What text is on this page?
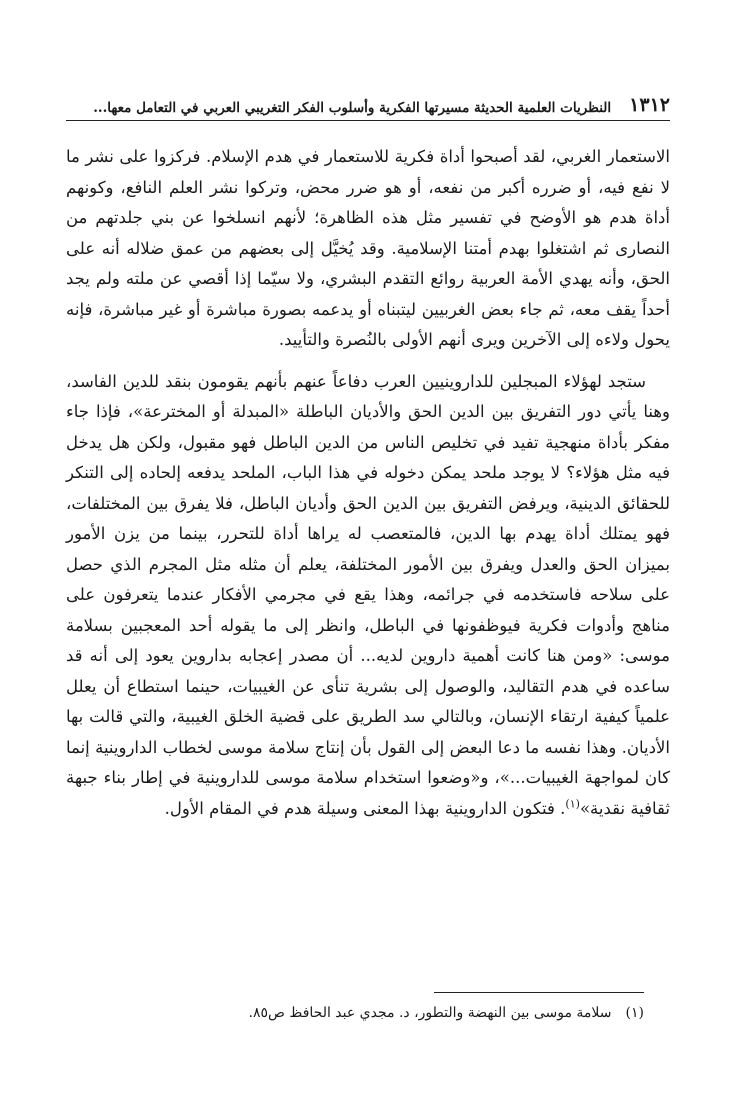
١٣١٢
النظريات العلمية الحديثة مسيرتها الفكرية وأسلوب الفكر التغريبي العربي في التعامل معها...

الاستعمار الغربي، لقد أصبحوا أداة فكرية للاستعمار في هدم الإسلام. فركزوا على نشر ما لا نفع فيه، أو ضرره أكبر من نفعه، أو هو ضرر محض، وتركوا نشر العلم النافع، وكونهم أداة هدم هو الأوضح في تفسير مثل هذه الظاهرة؛ لأنهم انسلخوا عن بني جلدتهم من النصارى ثم اشتغلوا بهدم أمتنا الإسلامية. وقد يُخيَّل إلى بعضهم من عمق ضلاله أنه على الحق، وأنه يهدي الأمة العربية روائع التقدم البشري، ولا سيّما إذا أقصي عن ملته ولم يجد أحداً يقف معه، ثم جاء بعض الغربيين ليتبناه أو يدعمه بصورة مباشرة أو غير مباشرة، فإنه يحول ولاءه إلى الآخرين ويرى أنهم الأولى بالنُصرة والتأييد.

ستجد لهؤلاء المبجلين للداروينيين العرب دفاعاً عنهم بأنهم يقومون بنقد للدين الفاسد، وهنا يأتي دور التفريق بين الدين الحق والأديان الباطلة «المبدلة أو المخترعة»، فإذا جاء مفكر بأداة منهجية تفيد في تخليص الناس من الدين الباطل فهو مقبول، ولكن هل يدخل فيه مثل هؤلاء؟ لا يوجد ملحد يمكن دخوله في هذا الباب، الملحد يدفعه إلحاده إلى التنكر للحقائق الدينية، ويرفض التفريق بين الدين الحق وأديان الباطل، فلا يفرق بين المختلفات، فهو يمتلك أداة يهدم بها الدين، فالمتعصب له يراها أداة للتحرر، بينما من يزن الأمور بميزان الحق والعدل ويفرق بين الأمور المختلفة، يعلم أن مثله مثل المجرم الذي حصل على سلاحه فاستخدمه في جرائمه، وهذا يقع في مجرمي الأفكار عندما يتعرفون على مناهج وأدوات فكرية فيوظفونها في الباطل، وانظر إلى ما يقوله أحد المعجبين بسلامة موسى: «ومن هنا كانت أهمية داروين لديه... أن مصدر إعجابه بداروين يعود إلى أنه قد ساعده في هدم التقاليد، والوصول إلى بشرية تنأى عن الغيبيات، حينما استطاع أن يعلل علمياً كيفية ارتقاء الإنسان، وبالتالي سد الطريق على قضية الخلق الغيبية، والتي قالت بها الأديان. وهذا نفسه ما دعا البعض إلى القول بأن إنتاج سلامة موسى لخطاب الداروينية إنما كان لمواجهة الغيبيات...»، و«وضعوا استخدام سلامة موسى للداروينية في إطار بناء جبهة ثقافية نقدية»$^{(١)}$. فتكون الداروينية بهذا المعنى وسيلة هدم في المقام الأول.

(١)
سلامة موسى بين النهضة والتطور، د. مجدي عبد الحافظ ص٨٥.
